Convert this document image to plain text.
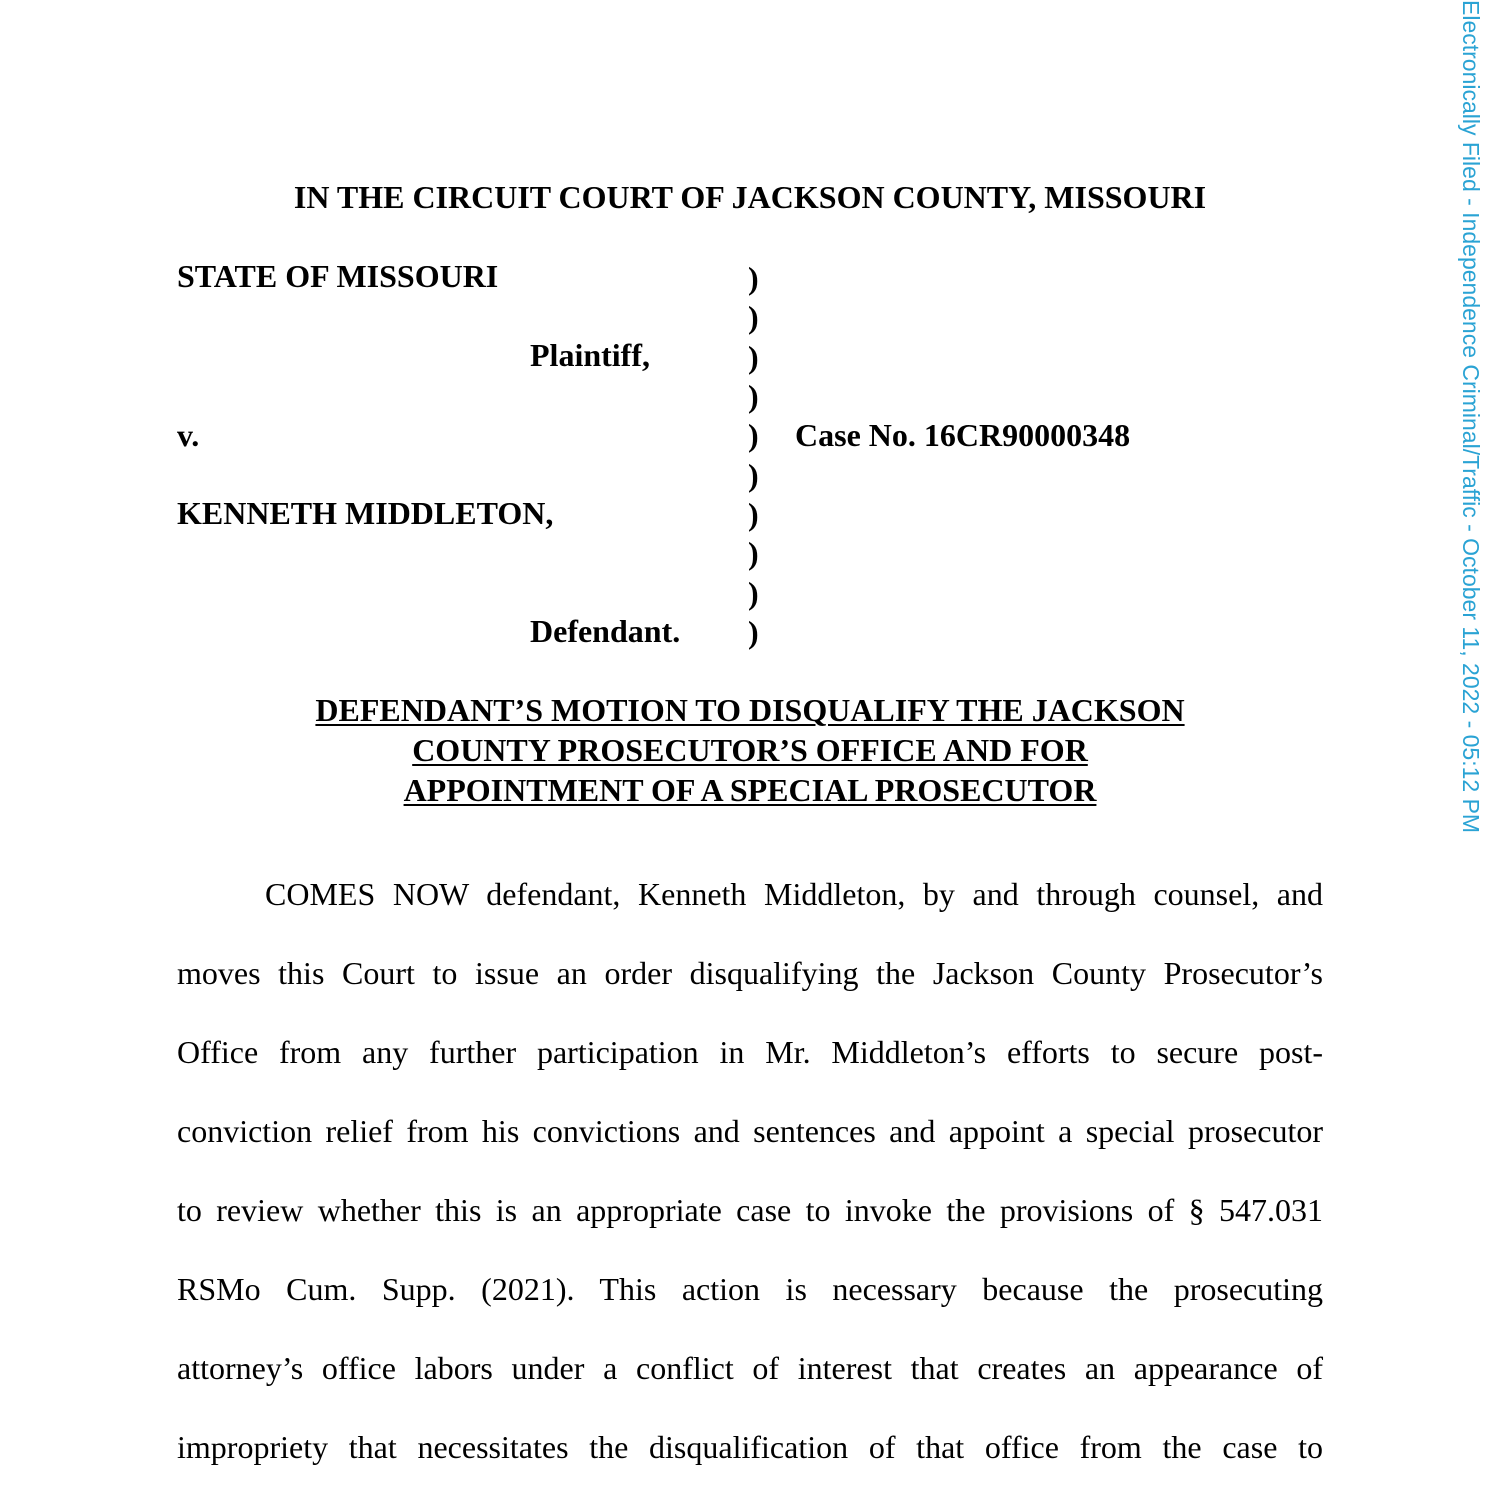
Electronically Filed - Independence Criminal/Traffic - October 11, 2022 - 05:12 PM
IN THE CIRCUIT COURT OF JACKSON COUNTY, MISSOURI
STATE OF MISSOURI
Plaintiff,
v.
KENNETH MIDDLETON,
Defendant.
)
)
)
)
)
)
)
)
)
)
Case No. 16CR90000348
DEFENDANT’S MOTION TO DISQUALIFY THE JACKSON
COUNTY PROSECUTOR’S OFFICE AND FOR
APPOINTMENT OF A SPECIAL PROSECUTOR
COMES NOW defendant, Kenneth Middleton, by and through counsel, and
moves this Court to issue an order disqualifying the Jackson County Prosecutor’s
Office from any further participation in Mr. Middleton’s efforts to secure post-
conviction relief from his convictions and sentences and appoint a special prosecutor
to review whether this is an appropriate case to invoke the provisions of § 547.031
RSMo Cum. Supp. (2021). This action is necessary because the prosecuting
attorney’s office labors under a conflict of interest that creates an appearance of
impropriety that necessitates the disqualification of that office from the case to
